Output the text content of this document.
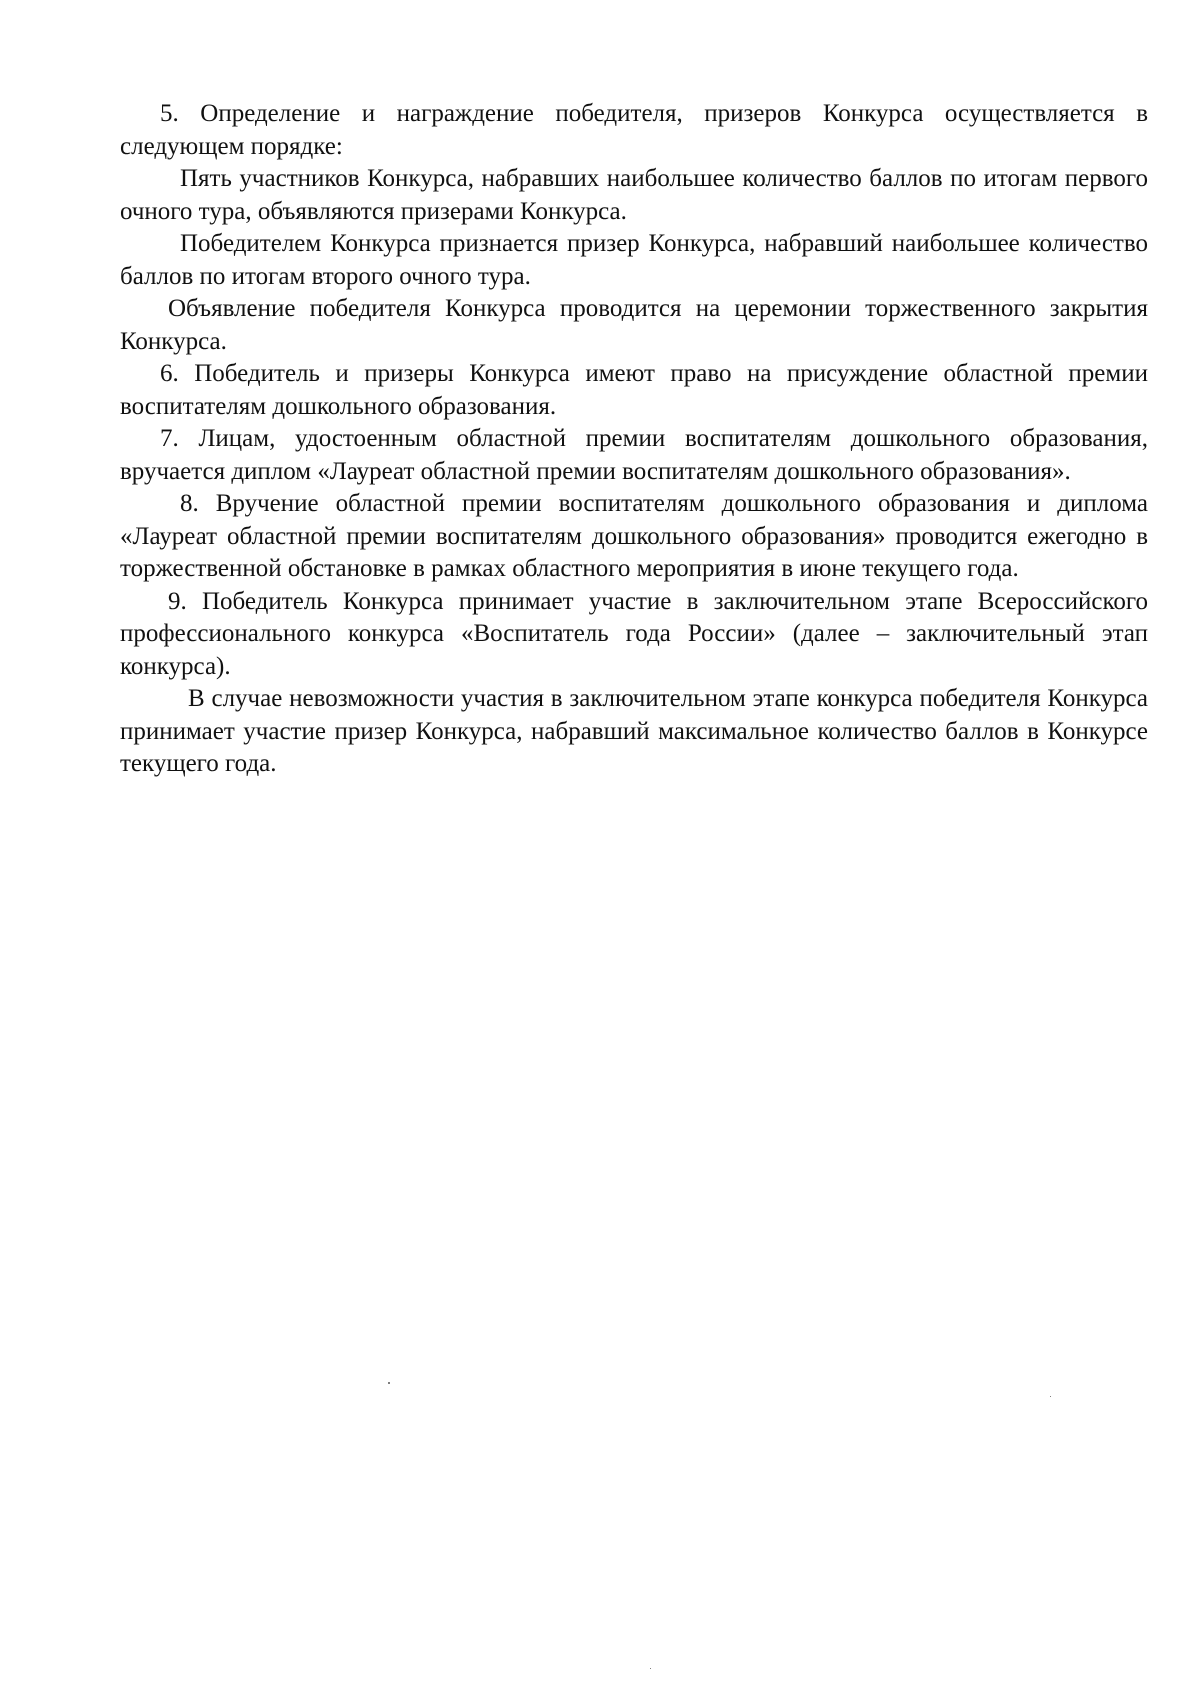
5. Определение и награждение победителя, призеров Конкурса осуществляется в следующем порядке:

Пять участников Конкурса, набравших наибольшее количество баллов по итогам первого очного тура, объявляются призерами Конкурса.

Победителем Конкурса признается призер Конкурса, набравший наибольшее количество баллов по итогам второго очного тура.

Объявление победителя Конкурса проводится на церемонии торжественного закрытия Конкурса.

6. Победитель и призеры Конкурса имеют право на присуждение областной премии воспитателям дошкольного образования.

7. Лицам, удостоенным областной премии воспитателям дошкольного образования, вручается диплом «Лауреат областной премии воспитателям дошкольного образования».

8. Вручение областной премии воспитателям дошкольного образования и диплома «Лауреат областной премии воспитателям дошкольного образования» проводится ежегодно в торжественной обстановке в рамках областного мероприятия в июне текущего года.

9. Победитель Конкурса принимает участие в заключительном этапе Всероссийского профессионального конкурса «Воспитатель года России» (далее – заключительный этап конкурса).

В случае невозможности участия в заключительном этапе конкурса победителя Конкурса принимает участие призер Конкурса, набравший максимальное количество баллов в Конкурсе текущего года.
